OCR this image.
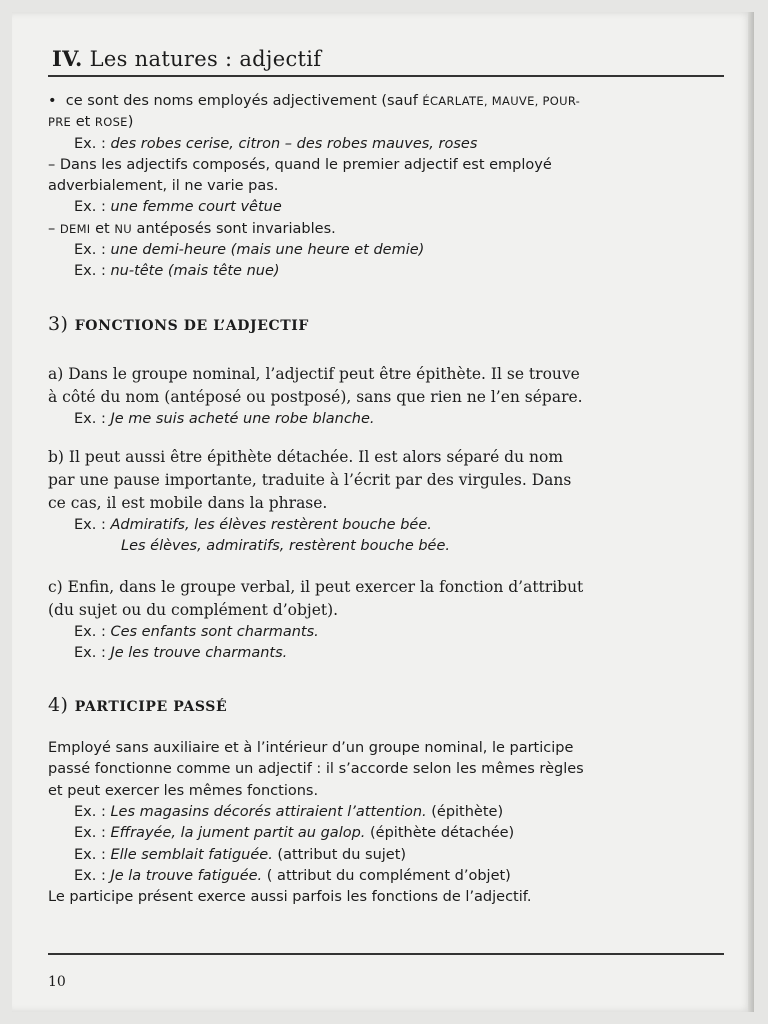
IV. Les natures : adjectif
•  ce sont des noms employés adjectivement (sauf ÉCARLATE, MAUVE, POUR-
PRE et ROSE)
Ex. : des robes cerise, citron – des robes mauves, roses
– Dans les adjectifs composés, quand le premier adjectif est employé
adverbialement, il ne varie pas.
Ex. : une femme court vêtue
– DEMI et NU antéposés sont invariables.
Ex. : une demi-heure (mais une heure et demie)
Ex. : nu-tête (mais tête nue)
3) FONCTIONS DE L’ADJECTIF
a) Dans le groupe nominal, l’adjectif peut être épithète. Il se trouve
à côté du nom (antéposé ou postposé), sans que rien ne l’en sépare.
Ex. : Je me suis acheté une robe blanche.
b) Il peut aussi être épithète détachée. Il est alors séparé du nom
par une pause importante, traduite à l’écrit par des virgules. Dans
ce cas, il est mobile dans la phrase.
Ex. : Admiratifs, les élèves restèrent bouche bée.
Les élèves, admiratifs, restèrent bouche bée.
c) Enfin, dans le groupe verbal, il peut exercer la fonction d’attribut
(du sujet ou du complément d’objet).
Ex. : Ces enfants sont charmants.
Ex. : Je les trouve charmants.
4) PARTICIPE PASSÉ
Employé sans auxiliaire et à l’intérieur d’un groupe nominal, le participe
passé fonctionne comme un adjectif : il s’accorde selon les mêmes règles
et peut exercer les mêmes fonctions.
Ex. : Les magasins décorés attiraient l’attention. (épithète)
Ex. : Effrayée, la jument partit au galop. (épithète détachée)
Ex. : Elle semblait fatiguée. (attribut du sujet)
Ex. : Je la trouve fatiguée. ( attribut du complément d’objet)
Le participe présent exerce aussi parfois les fonctions de l’adjectif.
10
